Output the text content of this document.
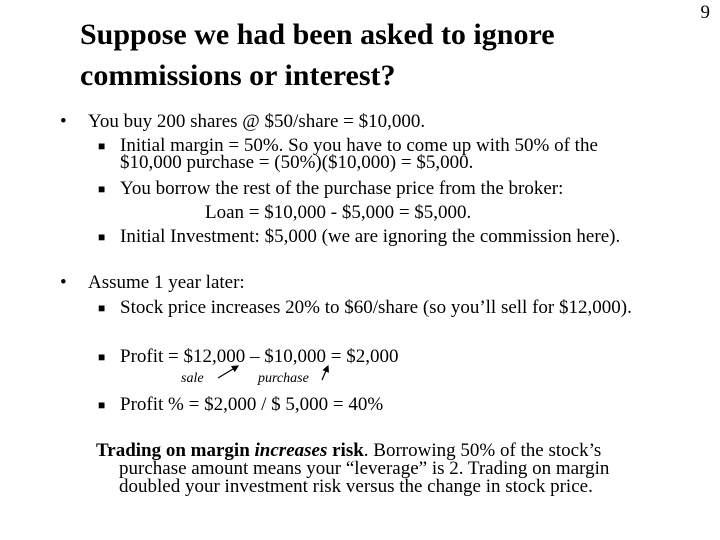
9
Suppose we had been asked to ignore
commissions or interest?
• You buy 200 shares @ $50/share = $10,000.
■ Initial margin = 50%. So you have to come up with 50% of the
$10,000 purchase = (50%)($10,000) = $5,000.
■ You borrow the rest of the purchase price from the broker:
Loan = $10,000 - $5,000 = $5,000.
■ Initial Investment: $5,000 (we are ignoring the commission here).
• Assume 1 year later:
■ Stock price increases 20% to $60/share (so you’ll sell for $12,000).
■ Profit = $12,000 – $10,000 = $2,000
sale	purchase
■ Profit % = $2,000 / $ 5,000 = 40%
Trading on margin increases risk. Borrowing 50% of the stock’s
purchase amount means your “leverage” is 2. Trading on margin
doubled your investment risk versus the change in stock price.
